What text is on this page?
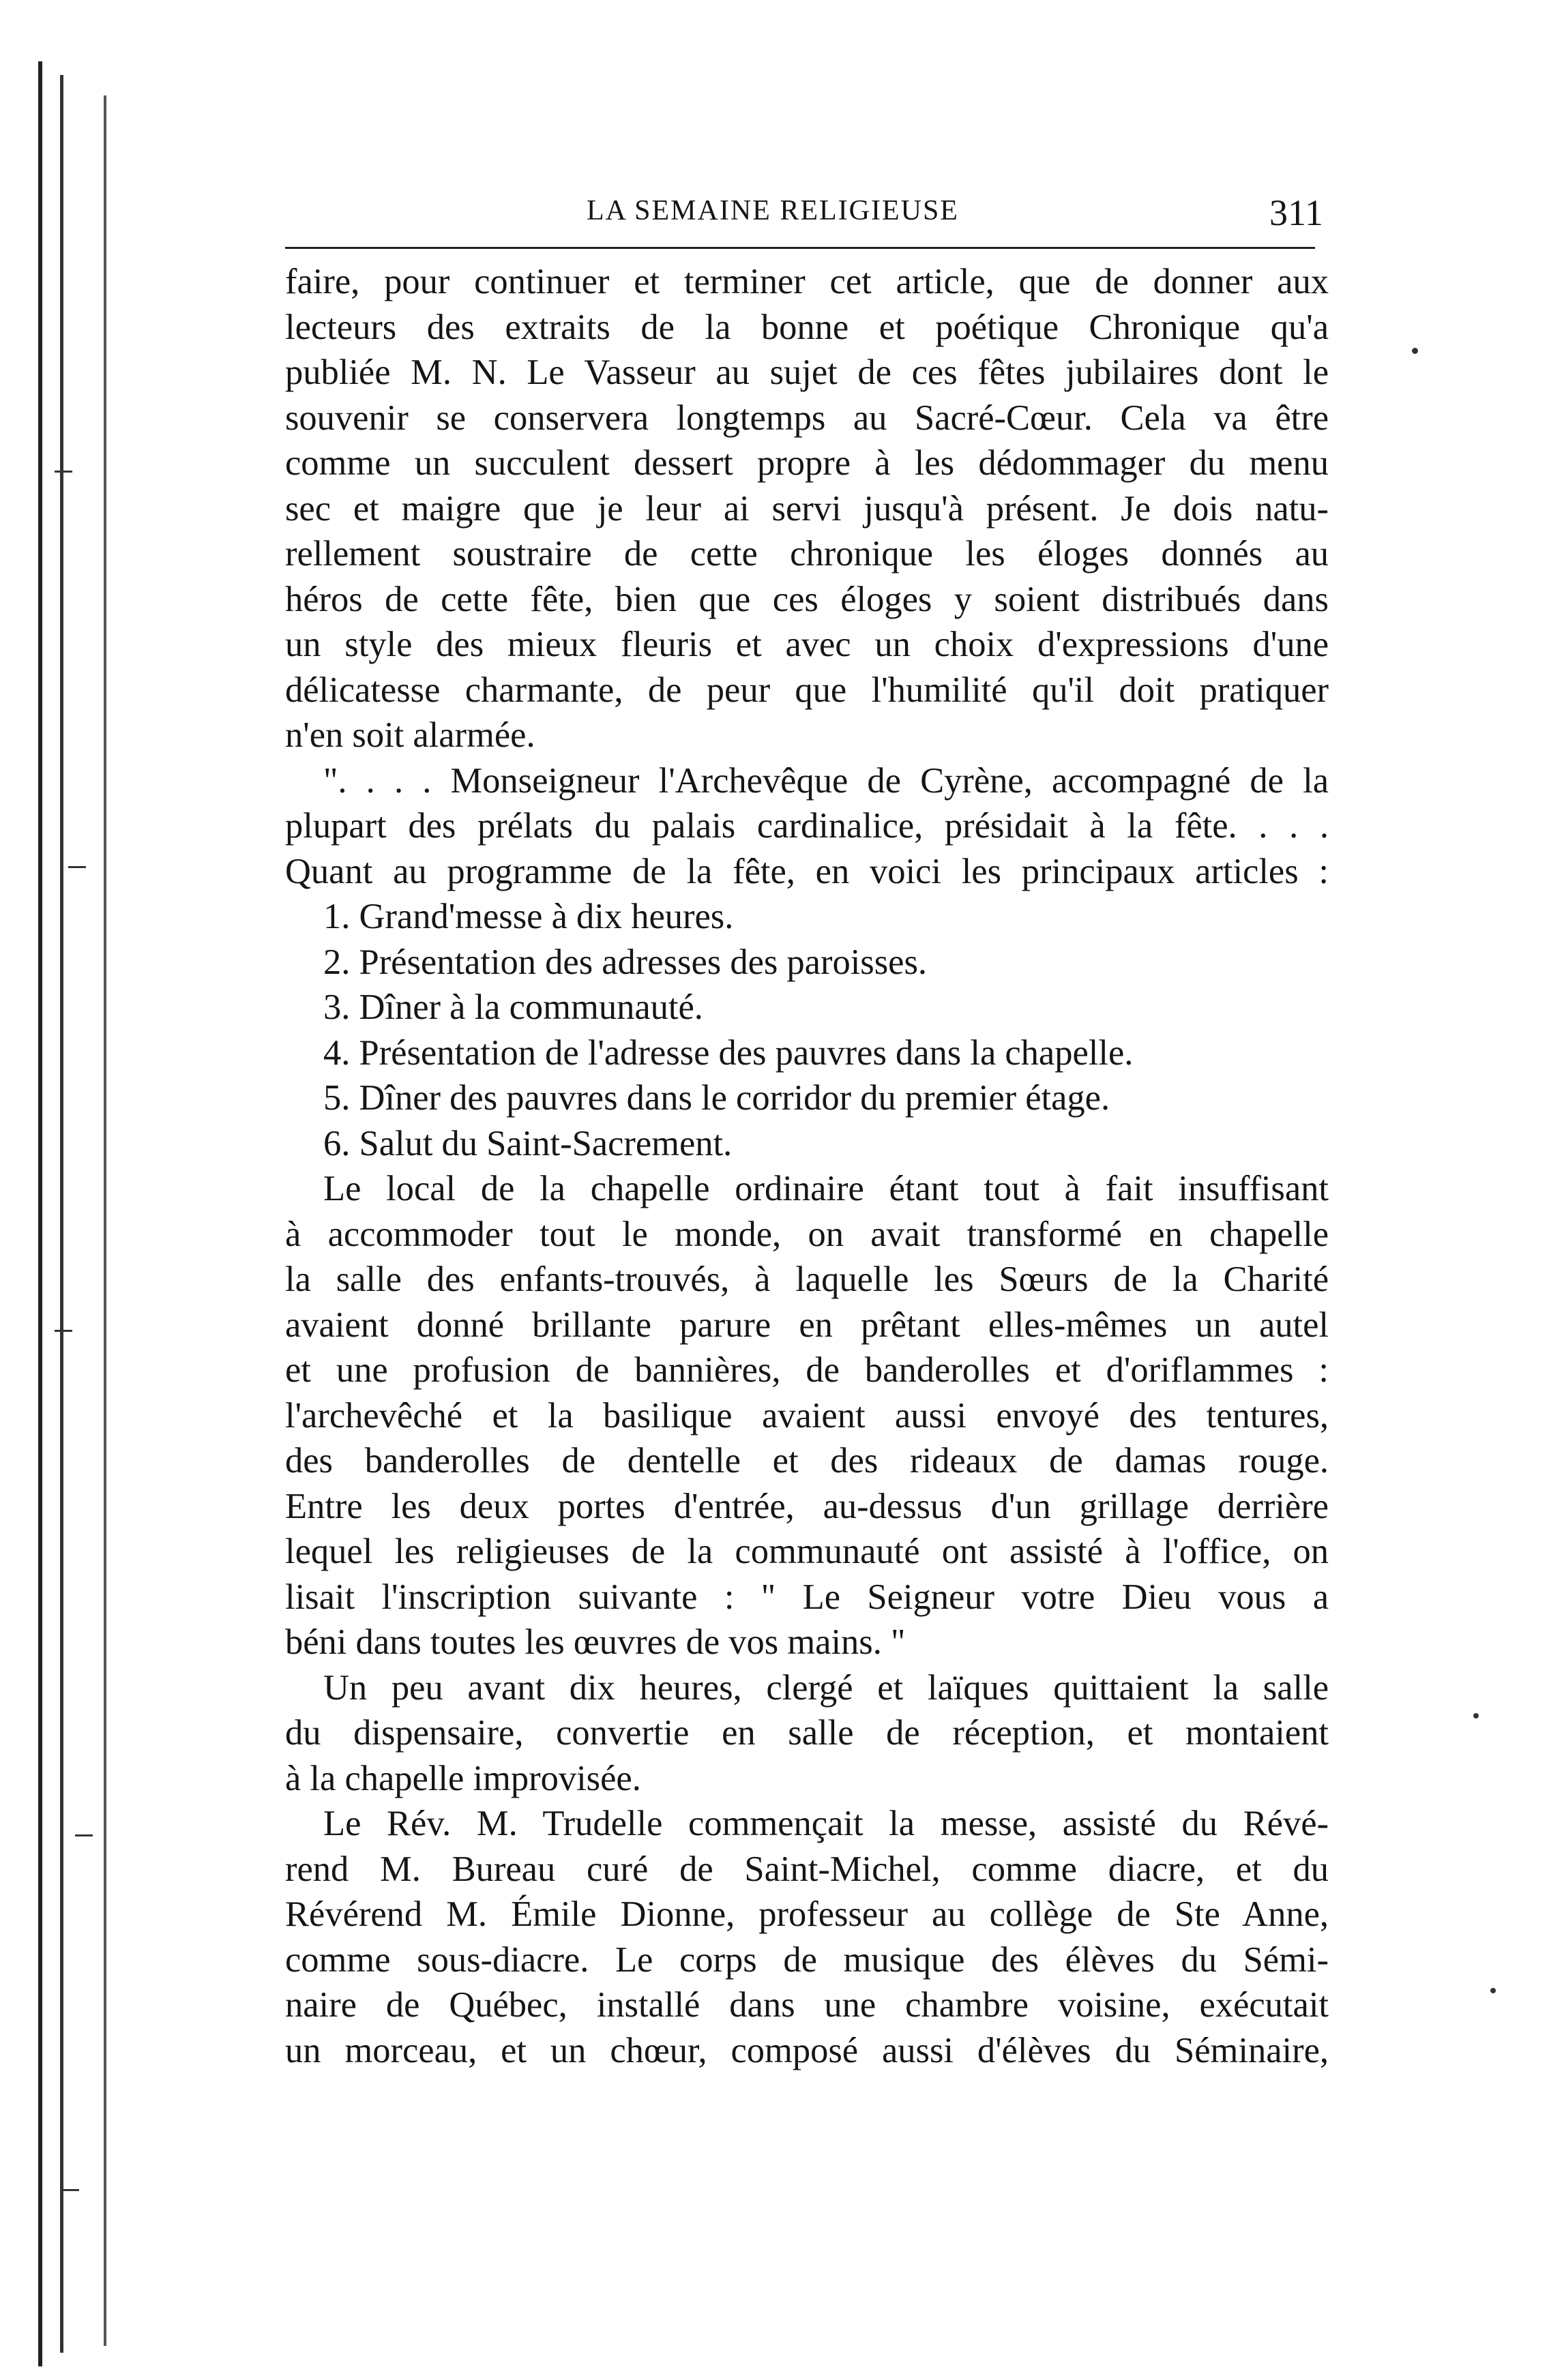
LA SEMAINE RELIGIEUSE	311
faire, pour continuer et terminer cet article, que de donner aux
lecteurs des extraits de la bonne et poétique Chronique qu'a
publiée M. N. Le Vasseur au sujet de ces fêtes jubilaires dont le
souvenir se conservera longtemps au Sacré-Cœur. Cela va être
comme un succulent dessert propre à les dédommager du menu
sec et maigre que je leur ai servi jusqu'à présent. Je dois natu-
rellement soustraire de cette chronique les éloges donnés au
héros de cette fête, bien que ces éloges y soient distribués dans
un style des mieux fleuris et avec un choix d'expressions d'une
délicatesse charmante, de peur que l'humilité qu'il doit pratiquer
n'en soit alarmée.
". . . . Monseigneur l'Archevêque de Cyrène, accompagné de la
plupart des prélats du palais cardinalice, présidait à la fête. . . .
Quant au programme de la fête, en voici les principaux articles :
1. Grand'messe à dix heures.
2. Présentation des adresses des paroisses.
3. Dîner à la communauté.
4. Présentation de l'adresse des pauvres dans la chapelle.
5. Dîner des pauvres dans le corridor du premier étage.
6. Salut du Saint-Sacrement.
Le local de la chapelle ordinaire étant tout à fait insuffisant
à accommoder tout le monde, on avait transformé en chapelle
la salle des enfants-trouvés, à laquelle les Sœurs de la Charité
avaient donné brillante parure en prêtant elles-mêmes un autel
et une profusion de bannières, de banderolles et d'oriflammes :
l'archevêché et la basilique avaient aussi envoyé des tentures,
des banderolles de dentelle et des rideaux de damas rouge.
Entre les deux portes d'entrée, au-dessus d'un grillage derrière
lequel les religieuses de la communauté ont assisté à l'office, on
lisait l'inscription suivante : " Le Seigneur votre Dieu vous a
béni dans toutes les œuvres de vos mains. "
Un peu avant dix heures, clergé et laïques quittaient la salle
du dispensaire, convertie en salle de réception, et montaient
à la chapelle improvisée.
Le Rév. M. Trudelle commençait la messe, assisté du Révé-
rend M. Bureau curé de Saint-Michel, comme diacre, et du
Révérend M. Émile Dionne, professeur au collège de Ste Anne,
comme sous-diacre. Le corps de musique des élèves du Sémi-
naire de Québec, installé dans une chambre voisine, exécutait
un morceau, et un chœur, composé aussi d'élèves du Séminaire,
